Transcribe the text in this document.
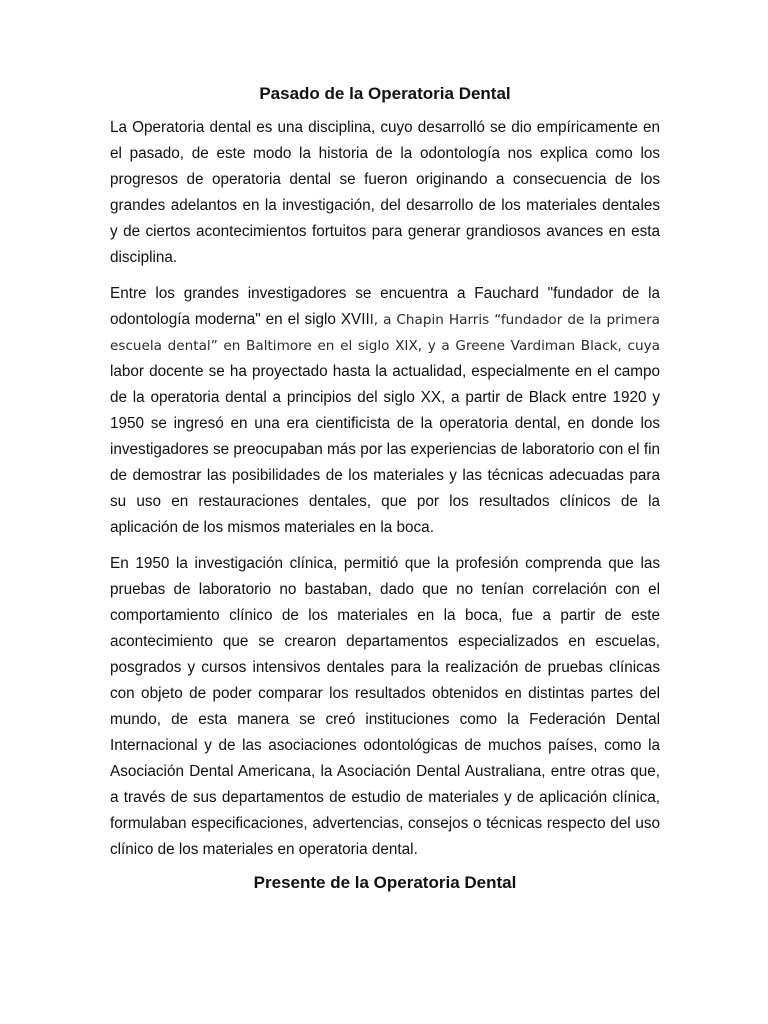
Pasado de la Operatoria Dental

La Operatoria dental es una disciplina, cuyo desarrolló se dio empíricamente en el pasado, de este modo la historia de la odontología nos explica como los progresos de operatoria dental se fueron originando a consecuencia de los grandes adelantos en la investigación, del desarrollo de los materiales dentales y de ciertos acontecimientos fortuitos para generar grandiosos avances en esta disciplina.

Entre los grandes investigadores se encuentra a Fauchard "fundador de la odontología moderna" en el siglo XVIII, a Chapin Harris “fundador de la primera escuela dental” en Baltimore en el siglo XIX, y a Greene Vardiman Black, cuya labor docente se ha proyectado hasta la actualidad, especialmente en el campo de la operatoria dental a principios del siglo XX, a partir de Black entre 1920 y 1950 se ingresó en una era cientificista de la operatoria dental, en donde los investigadores se preocupaban más por las experiencias de laboratorio con el fin de demostrar las posibilidades de los materiales y las técnicas adecuadas para su uso en restauraciones dentales, que por los resultados clínicos de la aplicación de los mismos materiales en la boca.

En 1950 la investigación clínica, permitió que la profesión comprenda que las pruebas de laboratorio no bastaban, dado que no tenían correlación con el comportamiento clínico de los materiales en la boca, fue a partir de este acontecimiento que se crearon departamentos especializados en escuelas, posgrados y cursos intensivos dentales para la realización de pruebas clínicas con objeto de poder comparar los resultados obtenidos en distintas partes del mundo, de esta manera se creó instituciones como la Federación Dental Internacional y de las asociaciones odontológicas de muchos países, como la Asociación Dental Americana, la Asociación Dental Australiana, entre otras que, a través de sus departamentos de estudio de materiales y de aplicación clínica, formulaban especificaciones, advertencias, consejos o técnicas respecto del uso clínico de los materiales en operatoria dental.

Presente de la Operatoria Dental
